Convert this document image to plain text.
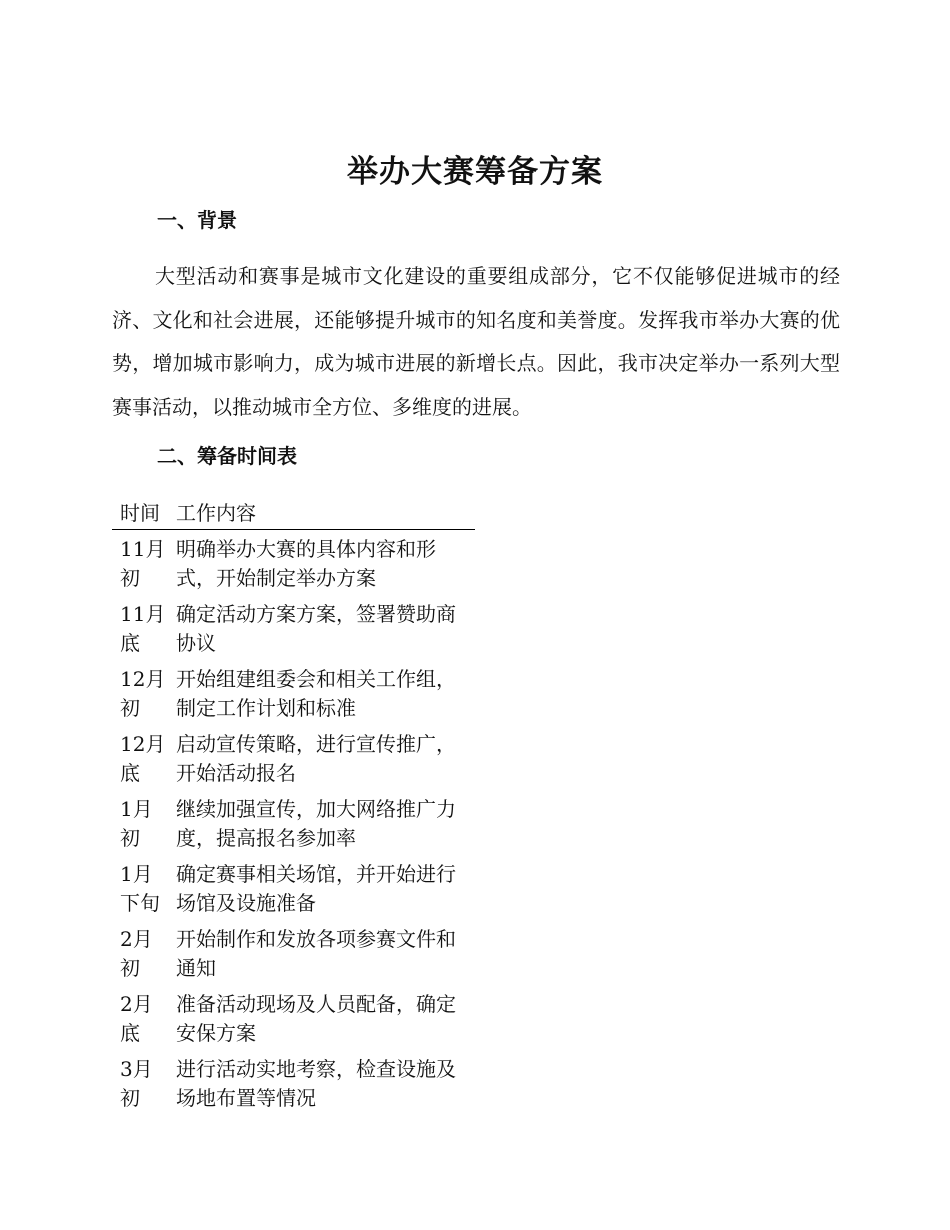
举办大赛筹备方案
一、背景

大型活动和赛事是城市文化建设的重要组成部分，它不仅能够促进城市的经济、文化和社会进展，还能够提升城市的知名度和美誉度。发挥我市举办大赛的优势，增加城市影响力，成为城市进展的新增长点。因此，我市决定举办一系列大型赛事活动，以推动城市全方位、多维度的进展。

二、筹备时间表
时间	工作内容
11月初	明确举办大赛的具体内容和形式，开始制定举办方案
11月底	确定活动方案方案，签署赞助商协议
12月初	开始组建组委会和相关工作组，制定工作计划和标准
12月底	启动宣传策略，进行宣传推广，开始活动报名
1月初	继续加强宣传，加大网络推广力度，提高报名参加率
1月下旬	确定赛事相关场馆，并开始进行场馆及设施准备
2月初	开始制作和发放各项参赛文件和通知
2月底	准备活动现场及人员配备，确定安保方案
3月初	进行活动实地考察，检查设施及场地布置等情况
